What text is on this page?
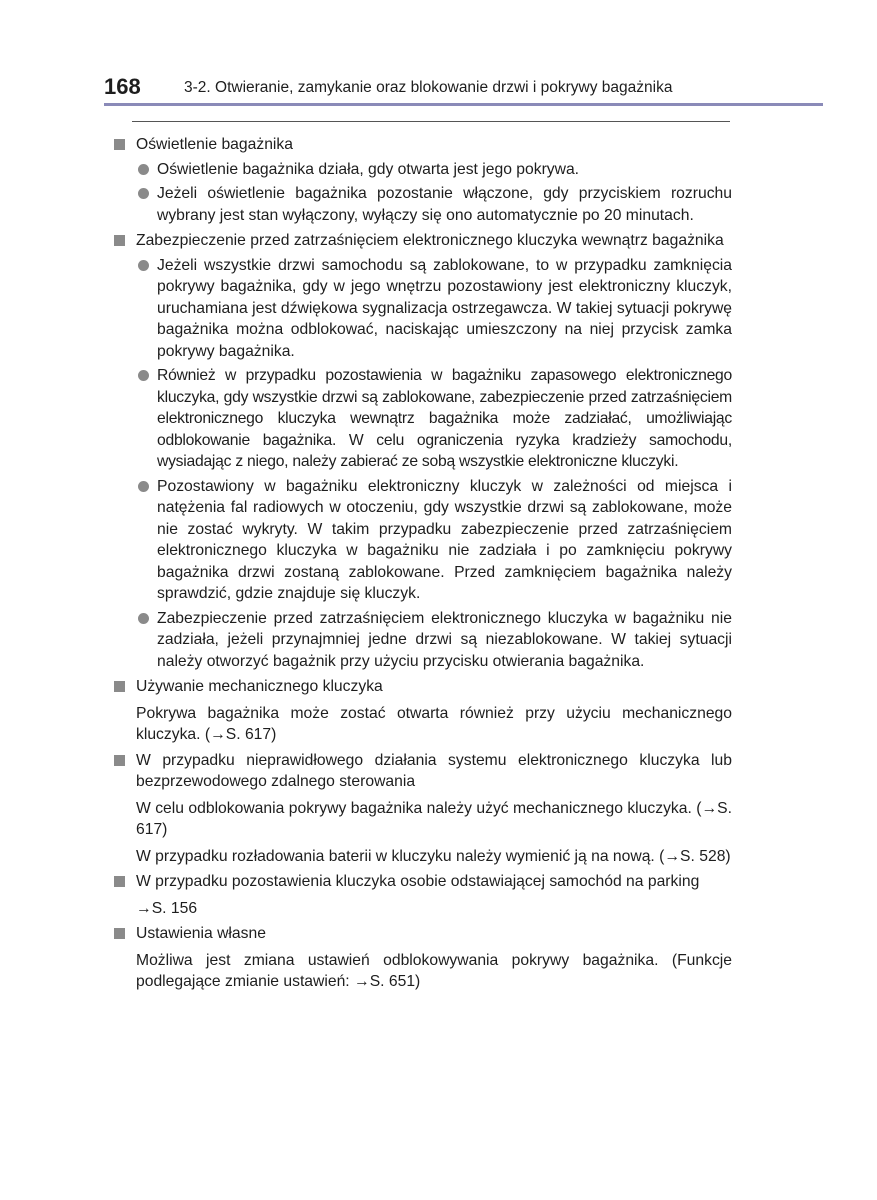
168	3-2. Otwieranie, zamykanie oraz blokowanie drzwi i pokrywy bagażnika
Oświetlenie bagażnika
Oświetlenie bagażnika działa, gdy otwarta jest jego pokrywa.
Jeżeli oświetlenie bagażnika pozostanie włączone, gdy przyciskiem rozruchu wybrany jest stan wyłączony, wyłączy się ono automatycznie po 20 minutach.
Zabezpieczenie przed zatrzaśnięciem elektronicznego kluczyka wewnątrz bagażnika
Jeżeli wszystkie drzwi samochodu są zablokowane, to w przypadku zamknięcia pokrywy bagażnika, gdy w jego wnętrzu pozostawiony jest elektroniczny kluczyk, uruchamiana jest dźwiękowa sygnalizacja ostrzegawcza. W takiej sytuacji pokrywę bagażnika można odblokować, naciskając umieszczony na niej przycisk zamka pokrywy bagażnika.
Również w przypadku pozostawienia w bagażniku zapasowego elektronicznego kluczyka, gdy wszystkie drzwi są zablokowane, zabezpieczenie przed zatrzaśnięciem elektronicznego kluczyka wewnątrz bagażnika może zadziałać, umożliwiając odblokowanie bagażnika. W celu ograniczenia ryzyka kradzieży samochodu, wysiadając z niego, należy zabierać ze sobą wszystkie elektroniczne kluczyki.
Pozostawiony w bagażniku elektroniczny kluczyk w zależności od miejsca i natężenia fal radiowych w otoczeniu, gdy wszystkie drzwi są zablokowane, może nie zostać wykryty. W takim przypadku zabezpieczenie przed zatrzaśnięciem elektronicznego kluczyka w bagażniku nie zadziała i po zamknięciu pokrywy bagażnika drzwi zostaną zablokowane. Przed zamknięciem bagażnika należy sprawdzić, gdzie znajduje się kluczyk.
Zabezpieczenie przed zatrzaśnięciem elektronicznego kluczyka w bagażniku nie zadziała, jeżeli przynajmniej jedne drzwi są niezablokowane. W takiej sytuacji należy otworzyć bagażnik przy użyciu przycisku otwierania bagażnika.
Używanie mechanicznego kluczyka
Pokrywa bagażnika może zostać otwarta również przy użyciu mechanicznego kluczyka. (→S. 617)
W przypadku nieprawidłowego działania systemu elektronicznego kluczyka lub bezprzewodowego zdalnego sterowania
W celu odblokowania pokrywy bagażnika należy użyć mechanicznego kluczyka. (→S. 617)
W przypadku rozładowania baterii w kluczyku należy wymienić ją na nową. (→S. 528)
W przypadku pozostawienia kluczyka osobie odstawiającej samochód na parking
→S. 156
Ustawienia własne
Możliwa jest zmiana ustawień odblokowywania pokrywy bagażnika. (Funkcje podlegające zmianie ustawień: →S. 651)
